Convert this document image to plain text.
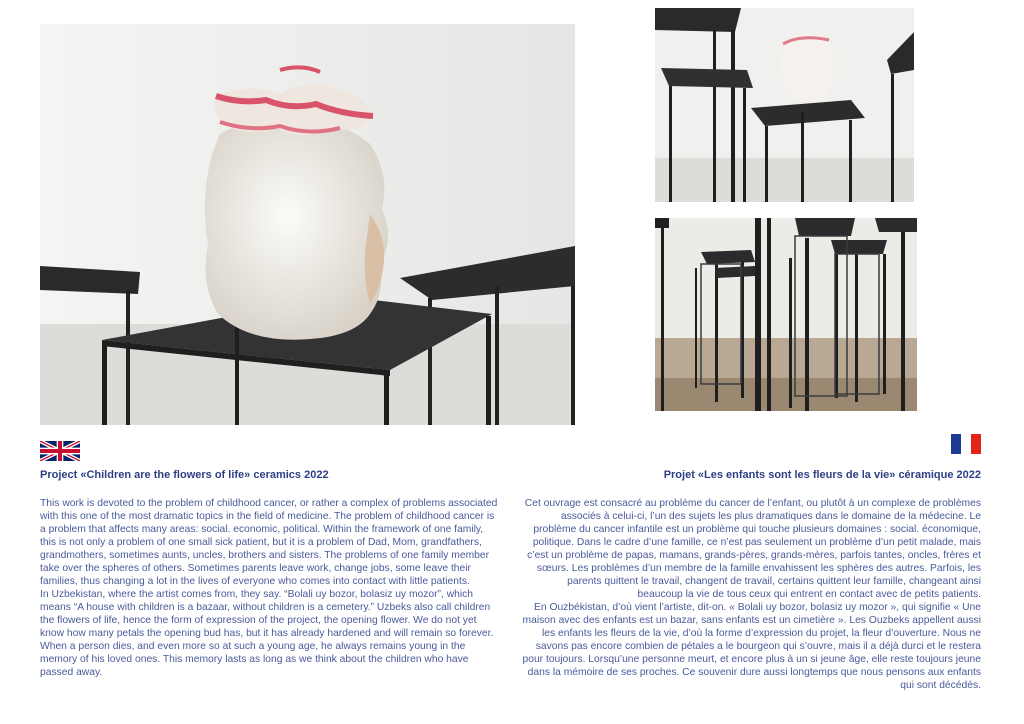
Project «Children are the flowers of life» ceramics 2022	Projet «Les enfants sont les fleurs de la vie» céramique 2022

This work is devoted to the problem of childhood cancer, or rather a complex of problems associated with this one of the most dramatic topics in the field of medicine. The problem of childhood cancer is a problem that affects many areas: social. economic, political. Within the framework of one family, this is not only a problem of one small sick patient, but it is a problem of Dad, Mom, grandfathers, grandmothers, sometimes aunts, uncles, brothers and sisters. The problems of one family member take over the spheres of others. Sometimes parents leave work, change jobs, some leave their families, thus changing a lot in the lives of everyone who comes into contact with little patients.

In Uzbekistan, where the artist comes from, they say. “Bolali uy bozor, bolasiz uy mozor”, which means “A house with children is a bazaar, without children is a cemetery.” Uzbeks also call children the flowers of life, hence the form of expression of the project, the opening flower. We do not yet know how many petals the opening bud has, but it has already hardened and will remain so forever. When a person dies, and even more so at such a young age, he always remains young in the memory of his loved ones. This memory lasts as long as we think about the children who have passed away.

Cet ouvrage est consacré au problème du cancer de l’enfant, ou plutôt à un complexe de problèmes associés à celui-ci, l’un des sujets les plus dramatiques dans le domaine de la médecine. Le problème du cancer infantile est un problème qui touche plusieurs domaines : social. économique, politique. Dans le cadre d’une famille, ce n’est pas seulement un problème d’un petit malade, mais c’est un problème de papas, mamans, grands-pères, grands-mères, parfois tantes, oncles, frères et sœurs. Les problèmes d’un membre de la famille envahissent les sphères des autres. Parfois, les parents quittent le travail, changent de travail, certains quittent leur famille, changeant ainsi beaucoup la vie de tous ceux qui entrent en contact avec de petits patients.

En Ouzbékistan, d’où vient l’artiste, dit-on. « Bolali uy bozor, bolasiz uy mozor », qui signifie « Une maison avec des enfants est un bazar, sans enfants est un cimetière ». Les Ouzbeks appellent aussi les enfants les fleurs de la vie, d’où la forme d’expression du projet, la fleur d’ouverture. Nous ne savons pas encore combien de pétales a le bourgeon qui s’ouvre, mais il a déjà durci et le restera pour toujours. Lorsqu’une personne meurt, et encore plus à un si jeune âge, elle reste toujours jeune dans la mémoire de ses proches. Ce souvenir dure aussi longtemps que nous pensons aux enfants qui sont décédés.
